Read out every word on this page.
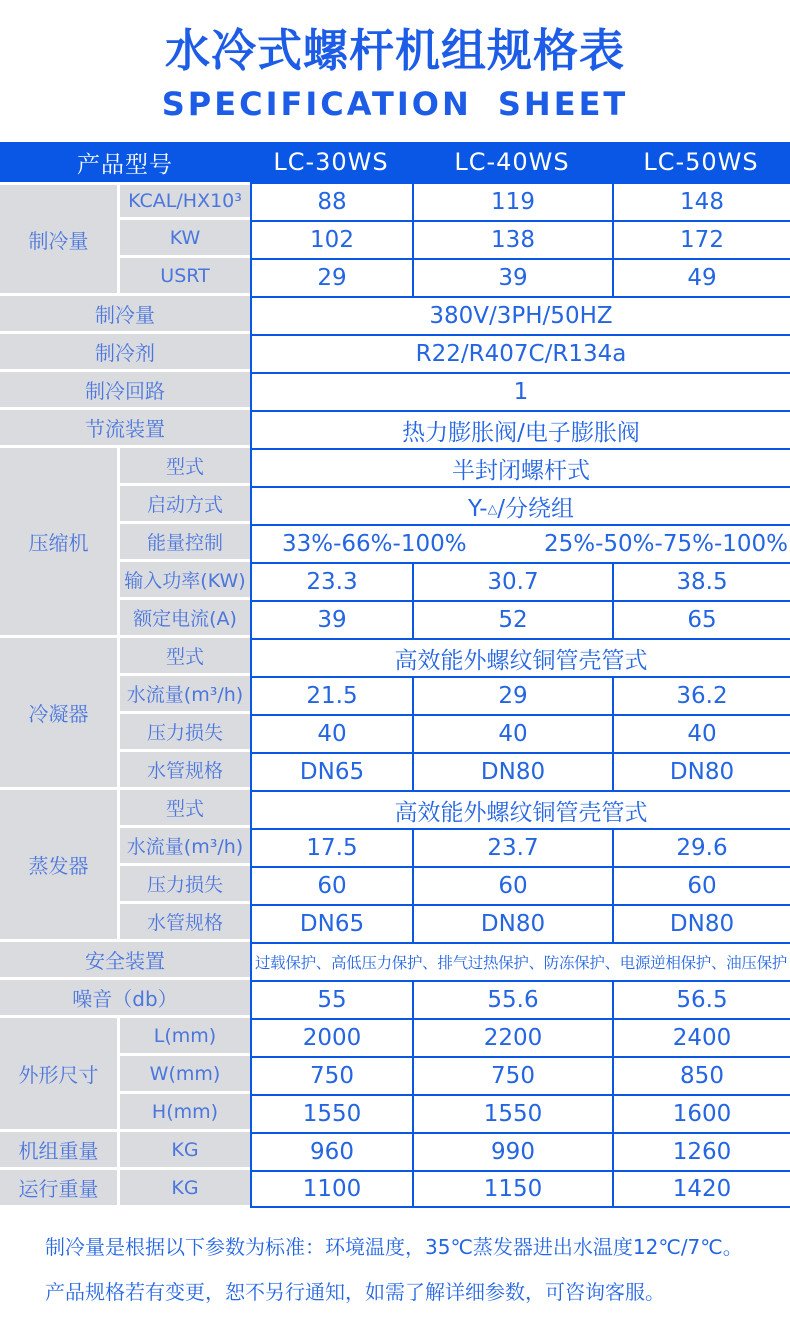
水冷式螺杆机组规格表
SPECIFICATION SHEET
产品型号		LC-30WS	LC-40WS	LC-50WS
制冷量	KCAL/HX10³	88	119	148
	KW	102	138	172
	USRT	29	39	49
制冷量		380V/3PH/50HZ		
制冷剂		R22/R407C/R134a		
制冷回路		1		
节流装置		热力膨胀阀/电子膨胀阀		
压缩机	型式	半封闭螺杆式		
	启动方式	Y-△/分绕组		
	能量控制	33%-66%-100% 25%-50%-75%-100%		

	输入功率(KW)	23.3	30.7	38.5
	额定电流(A)	39	52	65
冷凝器	型式	高效能外螺纹铜管壳管式		
	水流量(m³/h)	21.5	29	36.2
	压力损失	40	40	40
	水管规格	DN65	DN80	DN80
蒸发器	型式	高效能外螺纹铜管壳管式		
	水流量(m³/h)	17.5	23.7	29.6
	压力损失	60	60	60
	水管规格	DN65	DN80	DN80
安全装置		过载保护、高低压力保护、排气过热保护、防冻保护、电源逆相保护、油压保护		
噪音（db）		55	55.6	56.5
外形尺寸	L(mm)	2000	2200	2400
	W(mm)	750	750	850
	H(mm)	1550	1550	1600
机组重量	KG	960	990	1260
运行重量	KG	1100	1150	1420

制冷量是根据以下参数为标准：环境温度，35℃蒸发器进出水温度12℃/7℃。

产品规格若有变更，恕不另行通知，如需了解详细参数，可咨询客服。
